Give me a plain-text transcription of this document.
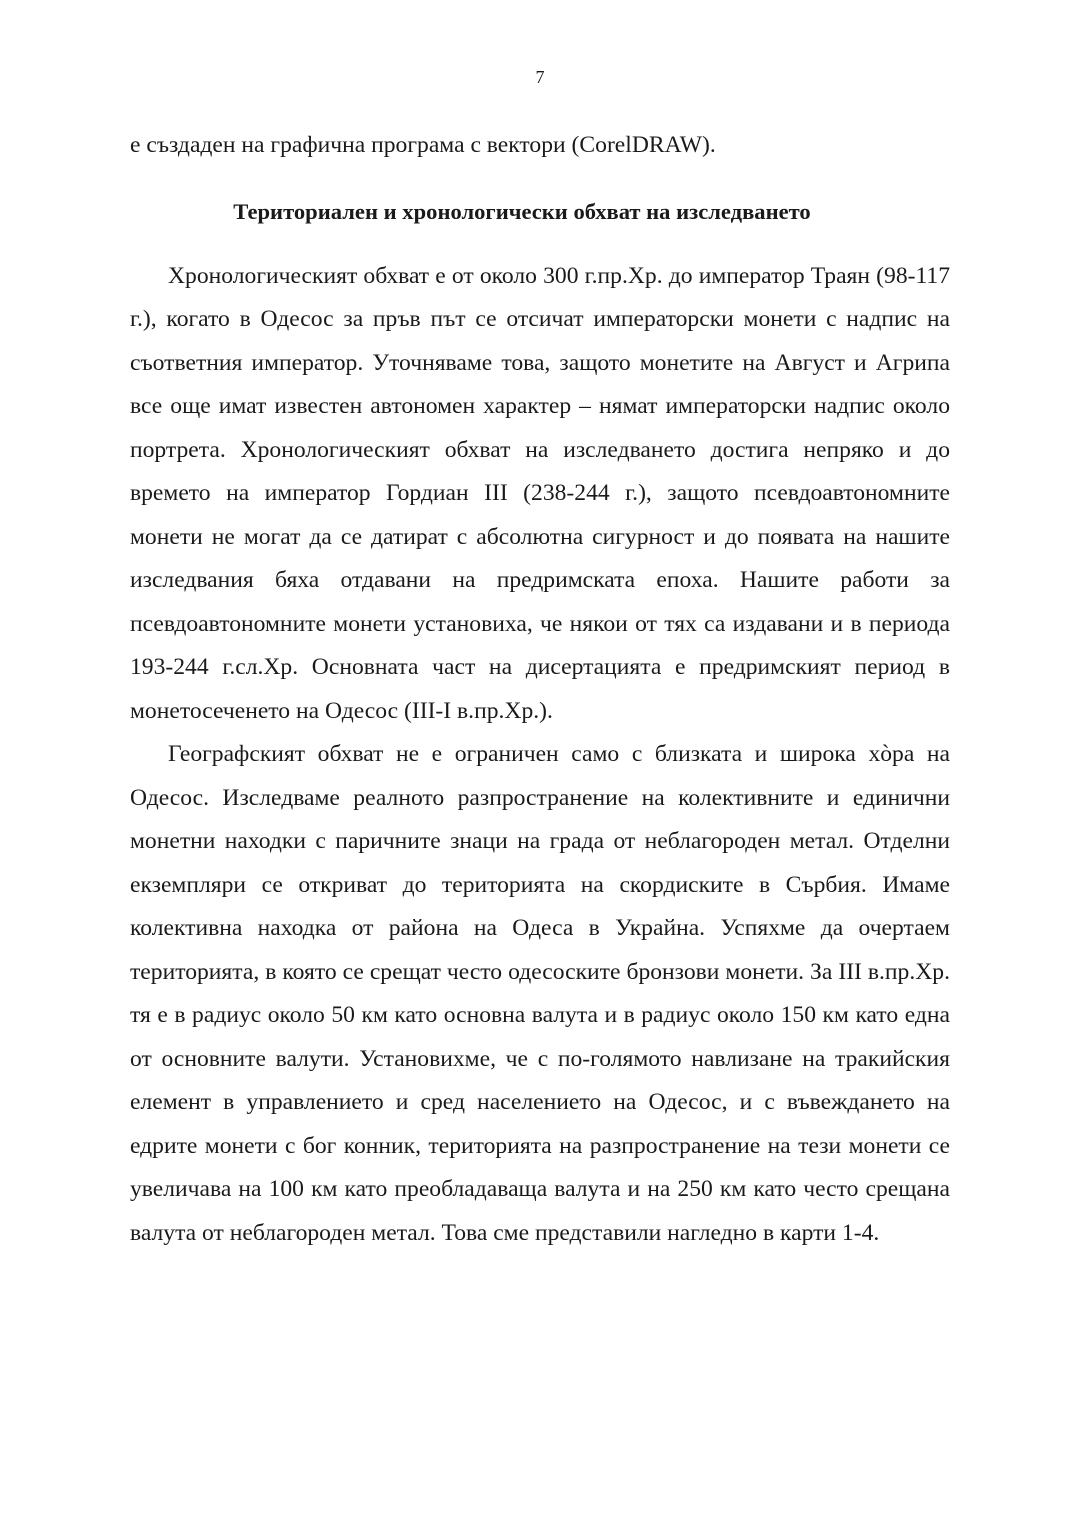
7

е създаден на графична програма с вектори (CorelDRAW).

Териториален и хронологически обхват на изследването

Хронологическият обхват е от около 300 г.пр.Хр. до император Траян (98-117 г.), когато в Одесос за пръв път се отсичат императорски монети с надпис на съответния император. Уточняваме това, защото монетите на Август и Агрипа все още имат известен автономен характер – нямат императорски надпис около портрета. Хронологическият обхват на изследването достига непряко и до времето на император Гордиан III (238-244 г.), защото псевдоавтономните монети не могат да се датират с абсолютна сигурност и до появата на нашите изследвания бяха отдавани на предримската епоха. Нашите работи за псевдоавтономните монети установиха, че някои от тях са издавани и в периода 193-244 г.сл.Хр. Основната част на дисертацията е предримският период в монетосеченето на Одесос (III-I в.пр.Хр.).

Географският обхват не е ограничен само с близката и широка хòра на Одесос. Изследваме реалното разпространение на колективните и единични монетни находки с паричните знаци на града от неблагороден метал. Отделни екземпляри се откриват до територията на скордиските в Сърбия. Имаме колективна находка от района на Одеса в Украйна. Успяхме да очертаем територията, в която се срещат често одесоските бронзови монети. За III в.пр.Хр. тя е в радиус около 50 км като основна валута и в радиус около 150 км като една от основните валути. Установихме, че с по-голямото навлизане на тракийския елемент в управлението и сред населението на Одесос, и с въвеждането на едрите монети с бог конник, територията на разпространение на тези монети се увеличава на 100 км като преобладаваща валута и на 250 км като често срещана валута от неблагороден метал. Това сме представили нагледно в карти 1-4.
